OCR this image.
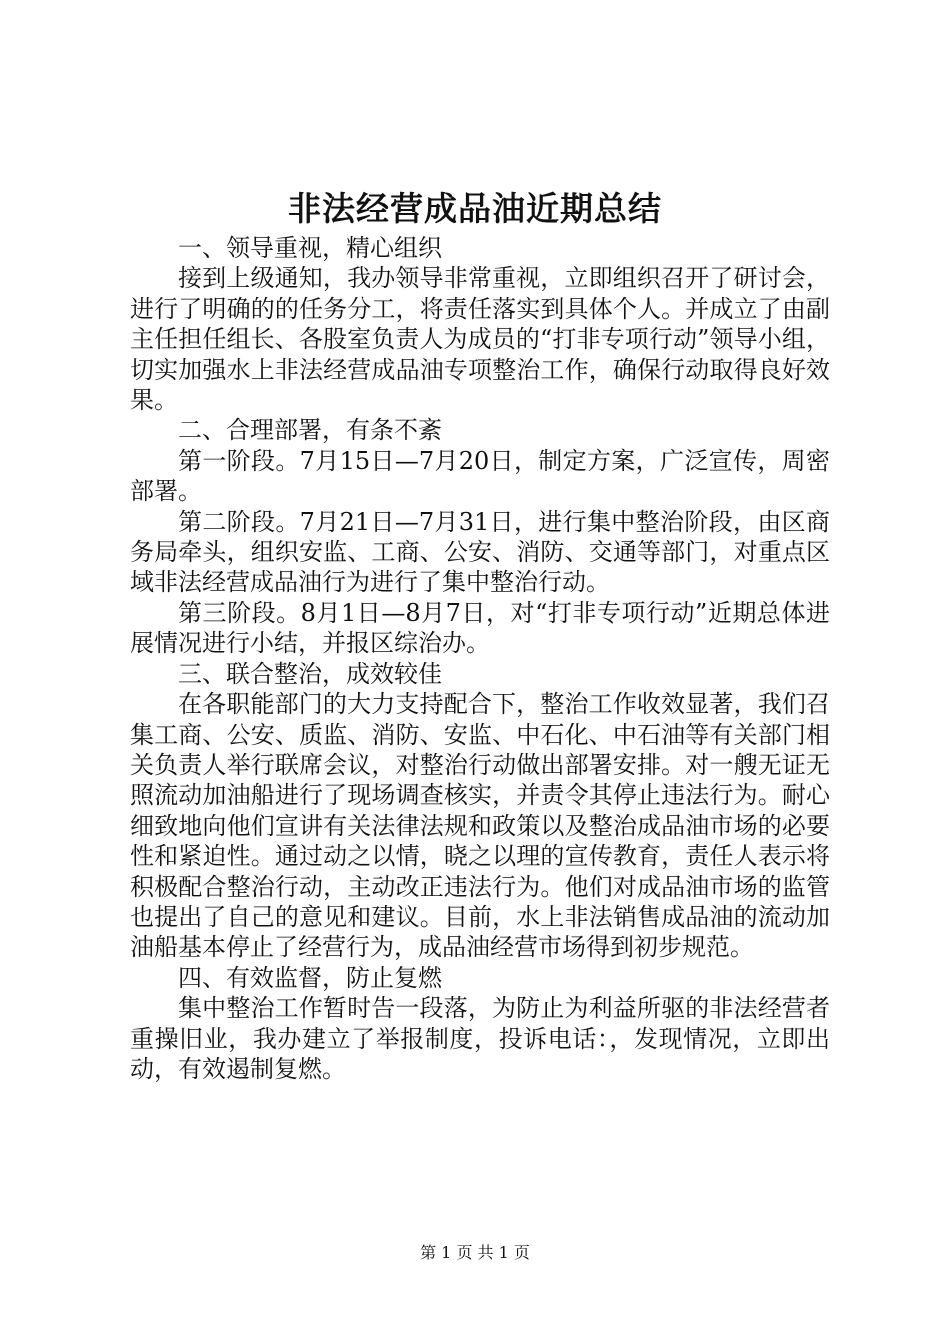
非法经营成品油近期总结

一、领导重视，精心组织

接到上级通知，我办领导非常重视，立即组织召开了研讨会，进行了明确的的任务分工，将责任落实到具体个人。并成立了由副主任担任组长、各股室负责人为成员的“打非专项行动”领导小组，切实加强水上非法经营成品油专项整治工作，确保行动取得良好效果。

二、合理部署，有条不紊

第一阶段。7月15日—7月20日，制定方案，广泛宣传，周密部署。

第二阶段。7月21日—7月31日，进行集中整治阶段，由区商务局牵头，组织安监、工商、公安、消防、交通等部门，对重点区域非法经营成品油行为进行了集中整治行动。

第三阶段。8月1日—8月7日，对“打非专项行动”近期总体进展情况进行小结，并报区综治办。

三、联合整治，成效较佳

在各职能部门的大力支持配合下，整治工作收效显著，我们召集工商、公安、质监、消防、安监、中石化、中石油等有关部门相关负责人举行联席会议，对整治行动做出部署安排。对一艘无证无照流动加油船进行了现场调查核实，并责令其停止违法行为。耐心细致地向他们宣讲有关法律法规和政策以及整治成品油市场的必要性和紧迫性。通过动之以情，晓之以理的宣传教育，责任人表示将积极配合整治行动，主动改正违法行为。他们对成品油市场的监管也提出了自己的意见和建议。目前，水上非法销售成品油的流动加油船基本停止了经营行为，成品油经营市场得到初步规范。

四、有效监督，防止复燃

集中整治工作暂时告一段落，为防止为利益所驱的非法经营者重操旧业，我办建立了举报制度，投诉电话：，发现情况，立即出动，有效遏制复燃。

第 1 页 共 1 页
